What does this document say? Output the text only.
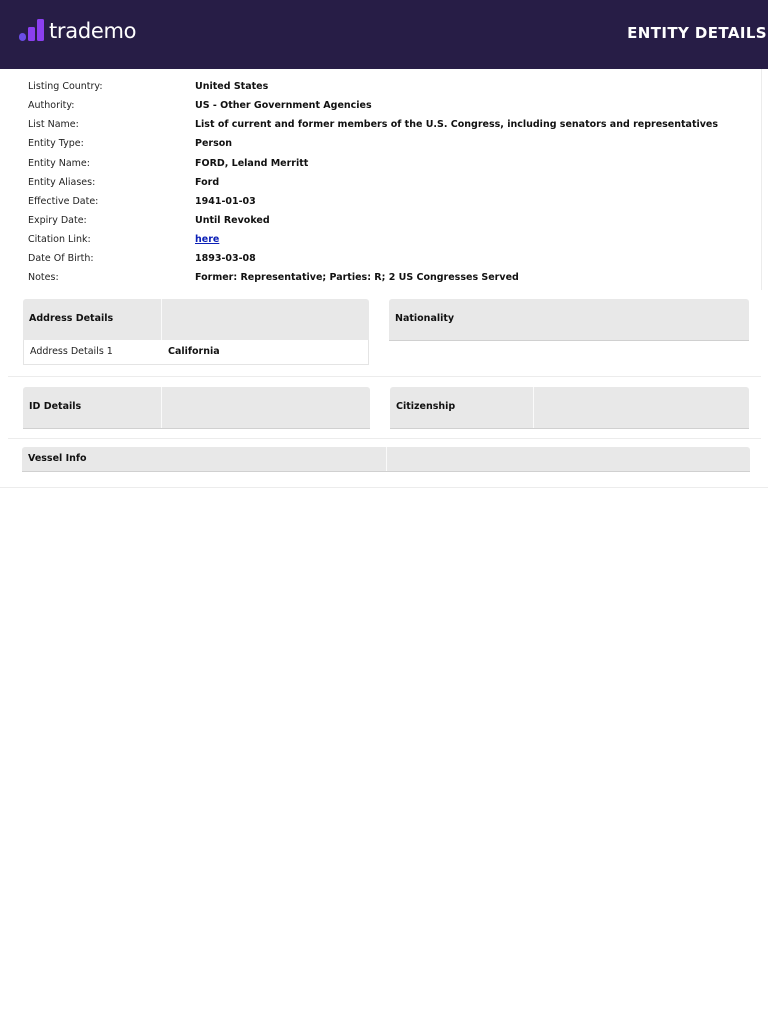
trademo	ENTITY DETAILS
Listing Country:	United States
Authority:	US - Other Government Agencies
List Name:	List of current and former members of the U.S. Congress, including senators and representatives
Entity Type:	Person
Entity Name:	FORD, Leland Merritt
Entity Aliases:	Ford
Effective Date:	1941-01-03
Expiry Date:	Until Revoked
Citation Link:	here
Date Of Birth:	1893-03-08
Notes:	Former: Representative; Parties: R; 2 US Congresses Served
Address Details
Address Details 1	California
Nationality
ID Details	Citizenship
Vessel Info
